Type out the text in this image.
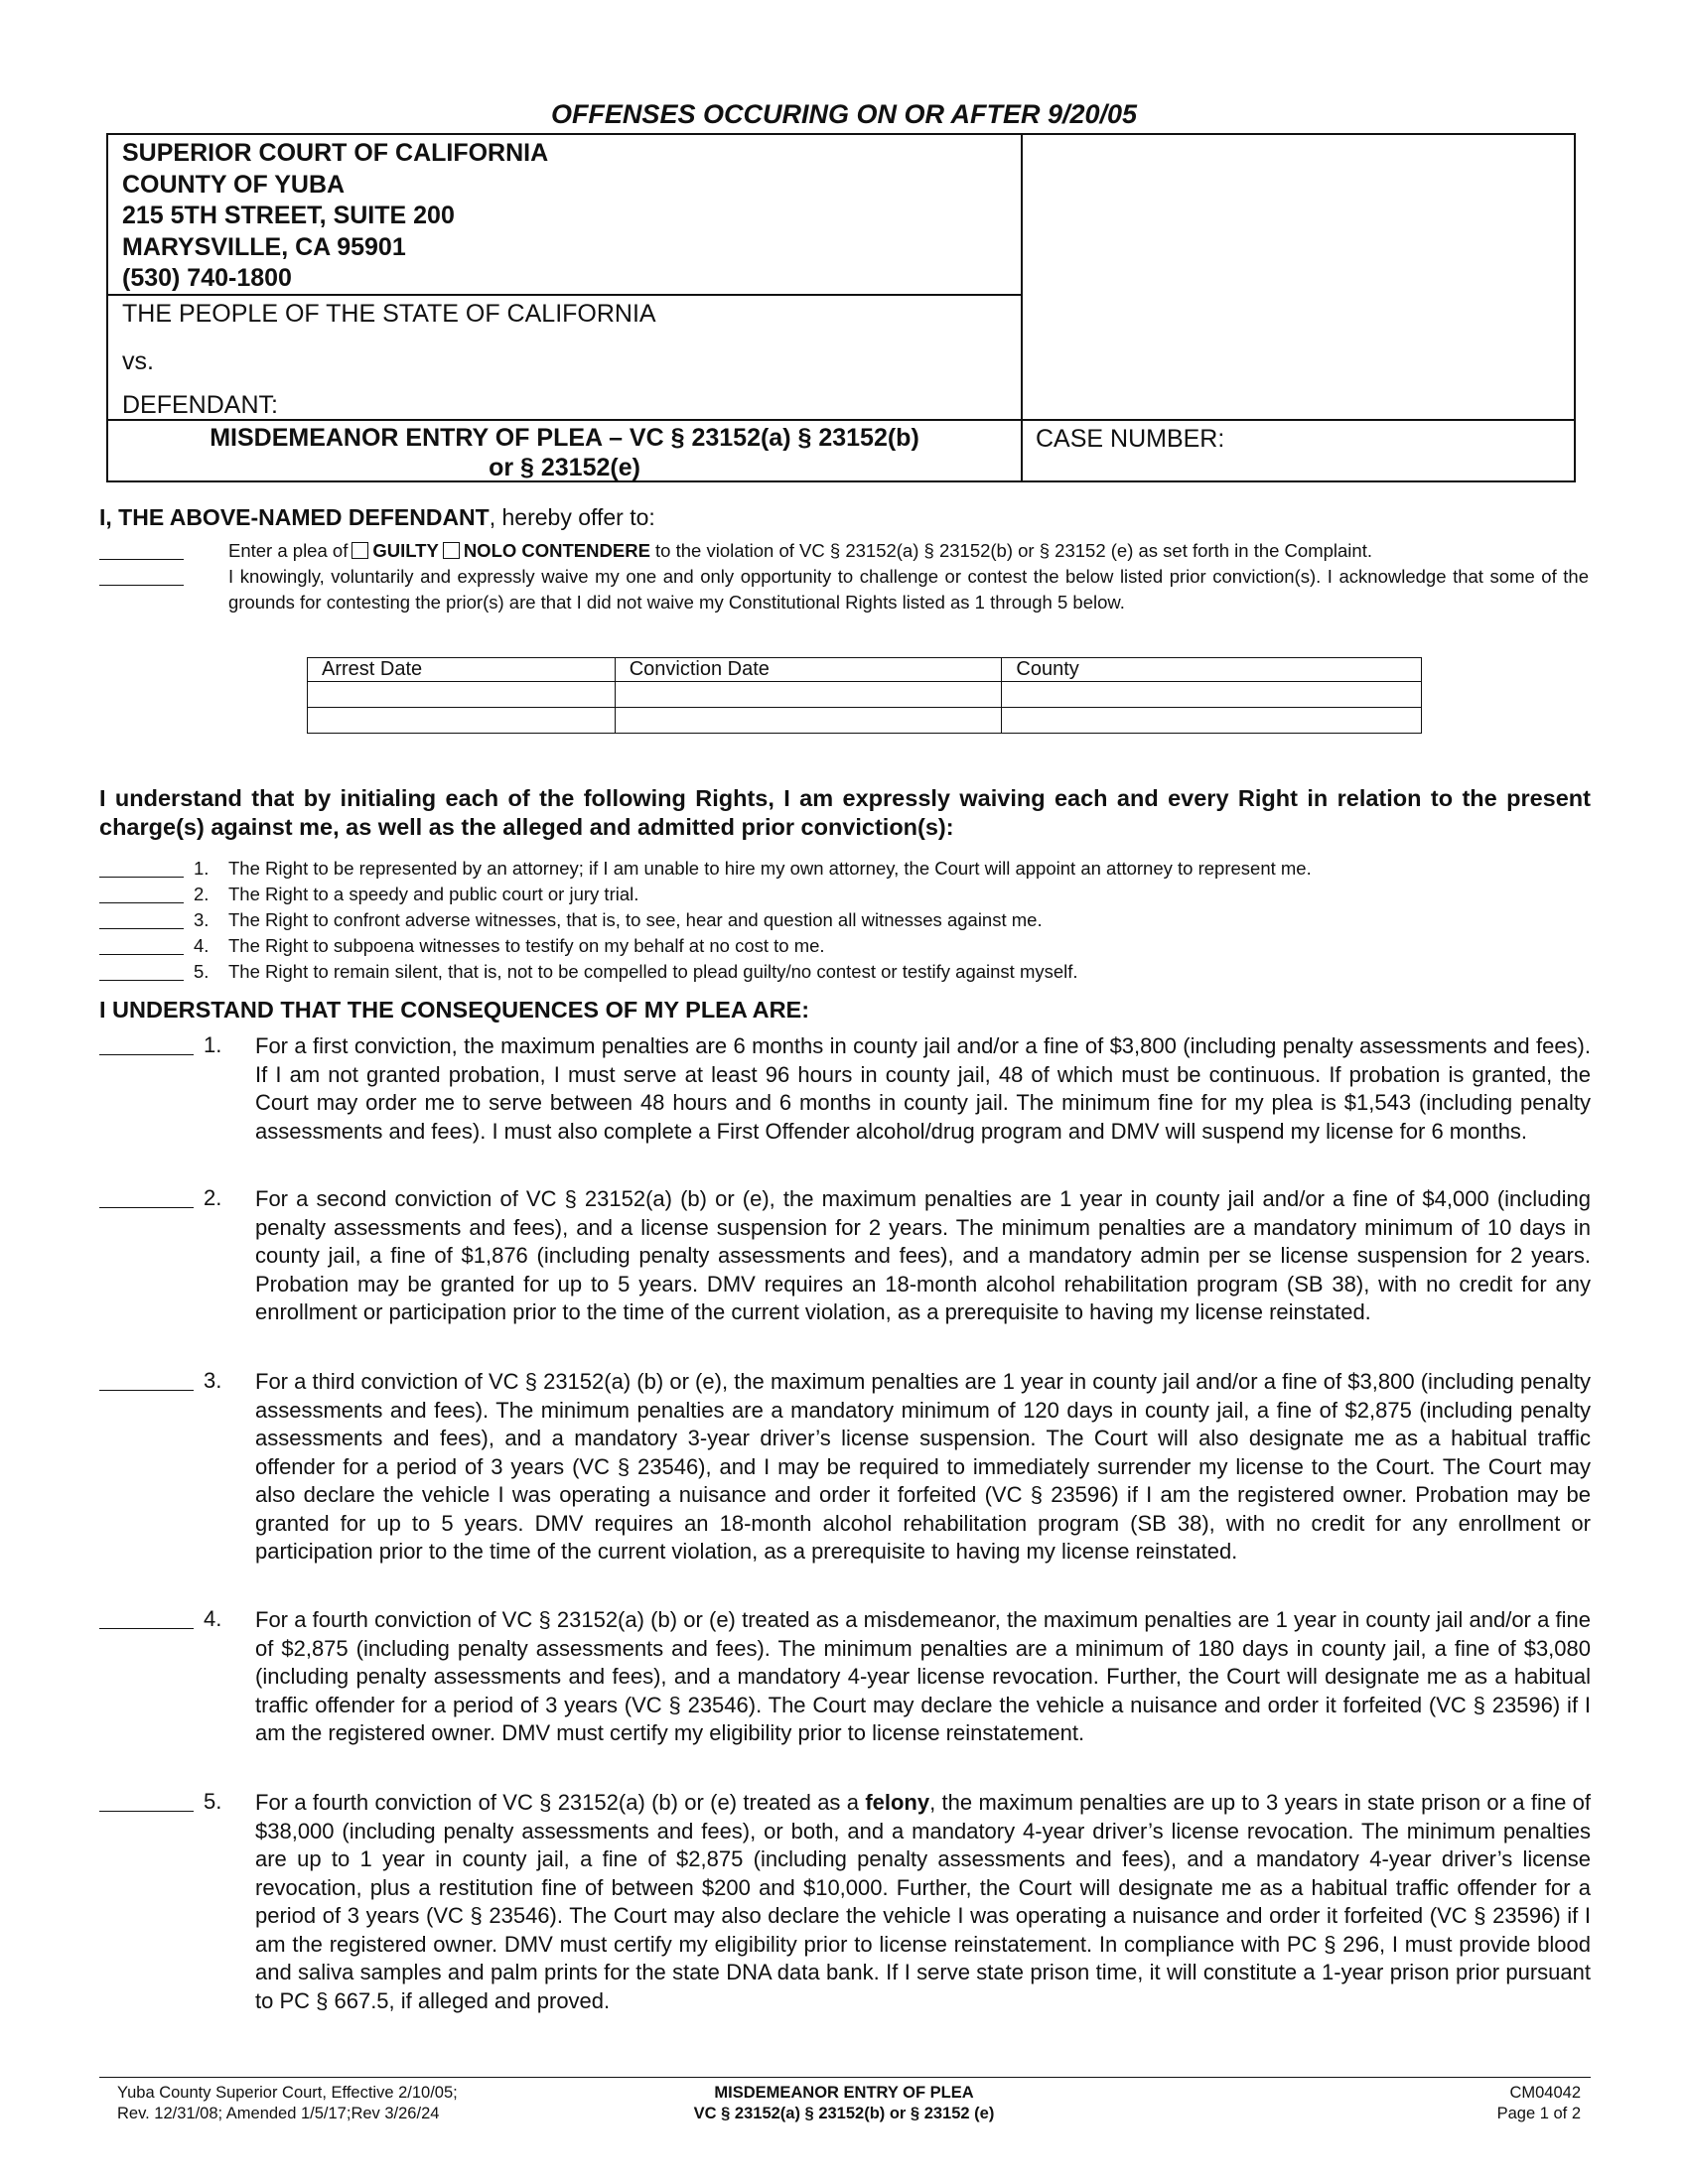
OFFENSES OCCURING ON OR AFTER 9/20/05
SUPERIOR COURT OF CALIFORNIA
COUNTY OF YUBA
215 5TH STREET, SUITE 200
MARYSVILLE, CA 95901
(530) 740-1800
THE PEOPLE OF THE STATE OF CALIFORNIA
vs.
DEFENDANT:
MISDEMEANOR ENTRY OF PLEA – VC § 23152(a) § 23152(b)
or § 23152(e)
CASE NUMBER:
I, THE ABOVE-NAMED DEFENDANT, hereby offer to:
Enter a plea of GUILTY NOLO CONTENDERE to the violation of VC § 23152(a) § 23152(b) or § 23152 (e) as set forth in the Complaint.
I knowingly, voluntarily and expressly waive my one and only opportunity to challenge or contest the below listed prior conviction(s). I acknowledge that some of the grounds for contesting the prior(s) are that I did not waive my Constitutional Rights listed as 1 through 5 below.
Arrest Date	Conviction Date	County

I understand that by initialing each of the following Rights, I am expressly waiving each and every Right in relation to the present charge(s) against me, as well as the alleged and admitted prior conviction(s):
1. The Right to be represented by an attorney; if I am unable to hire my own attorney, the Court will appoint an attorney to represent me.
2. The Right to a speedy and public court or jury trial.
3. The Right to confront adverse witnesses, that is, to see, hear and question all witnesses against me.
4. The Right to subpoena witnesses to testify on my behalf at no cost to me.
5. The Right to remain silent, that is, not to be compelled to plead guilty/no contest or testify against myself.
I UNDERSTAND THAT THE CONSEQUENCES OF MY PLEA ARE:
1. For a first conviction, the maximum penalties are 6 months in county jail and/or a fine of $3,800 (including penalty assessments and fees). If I am not granted probation, I must serve at least 96 hours in county jail, 48 of which must be continuous. If probation is granted, the Court may order me to serve between 48 hours and 6 months in county jail. The minimum fine for my plea is $1,543 (including penalty assessments and fees). I must also complete a First Offender alcohol/drug program and DMV will suspend my license for 6 months.
2. For a second conviction of VC § 23152(a) (b) or (e), the maximum penalties are 1 year in county jail and/or a fine of $4,000 (including penalty assessments and fees), and a license suspension for 2 years. The minimum penalties are a mandatory minimum of 10 days in county jail, a fine of $1,876 (including penalty assessments and fees), and a mandatory admin per se license suspension for 2 years. Probation may be granted for up to 5 years. DMV requires an 18-month alcohol rehabilitation program (SB 38), with no credit for any enrollment or participation prior to the time of the current violation, as a prerequisite to having my license reinstated.
3. For a third conviction of VC § 23152(a) (b) or (e), the maximum penalties are 1 year in county jail and/or a fine of $3,800 (including penalty assessments and fees). The minimum penalties are a mandatory minimum of 120 days in county jail, a fine of $2,875 (including penalty assessments and fees), and a mandatory 3-year driver’s license suspension. The Court will also designate me as a habitual traffic offender for a period of 3 years (VC § 23546), and I may be required to immediately surrender my license to the Court. The Court may also declare the vehicle I was operating a nuisance and order it forfeited (VC § 23596) if I am the registered owner. Probation may be granted for up to 5 years. DMV requires an 18-month alcohol rehabilitation program (SB 38), with no credit for any enrollment or participation prior to the time of the current violation, as a prerequisite to having my license reinstated.
4. For a fourth conviction of VC § 23152(a) (b) or (e) treated as a misdemeanor, the maximum penalties are 1 year in county jail and/or a fine of $2,875 (including penalty assessments and fees). The minimum penalties are a minimum of 180 days in county jail, a fine of $3,080 (including penalty assessments and fees), and a mandatory 4-year license revocation. Further, the Court will designate me as a habitual traffic offender for a period of 3 years (VC § 23546). The Court may declare the vehicle a nuisance and order it forfeited (VC § 23596) if I am the registered owner. DMV must certify my eligibility prior to license reinstatement.
5. For a fourth conviction of VC § 23152(a) (b) or (e) treated as a felony, the maximum penalties are up to 3 years in state prison or a fine of $38,000 (including penalty assessments and fees), or both, and a mandatory 4-year driver’s license revocation. The minimum penalties are up to 1 year in county jail, a fine of $2,875 (including penalty assessments and fees), and a mandatory 4-year driver’s license revocation, plus a restitution fine of between $200 and $10,000. Further, the Court will designate me as a habitual traffic offender for a period of 3 years (VC § 23546). The Court may also declare the vehicle I was operating a nuisance and order it forfeited (VC § 23596) if I am the registered owner. DMV must certify my eligibility prior to license reinstatement. In compliance with PC § 296, I must provide blood and saliva samples and palm prints for the state DNA data bank. If I serve state prison time, it will constitute a 1-year prison prior pursuant to PC § 667.5, if alleged and proved.
Yuba County Superior Court, Effective 2/10/05;
Rev. 12/31/08; Amended 1/5/17;Rev 3/26/24
MISDEMEANOR ENTRY OF PLEA
VC § 23152(a) § 23152(b) or § 23152 (e)
CM04042
Page 1 of 2
